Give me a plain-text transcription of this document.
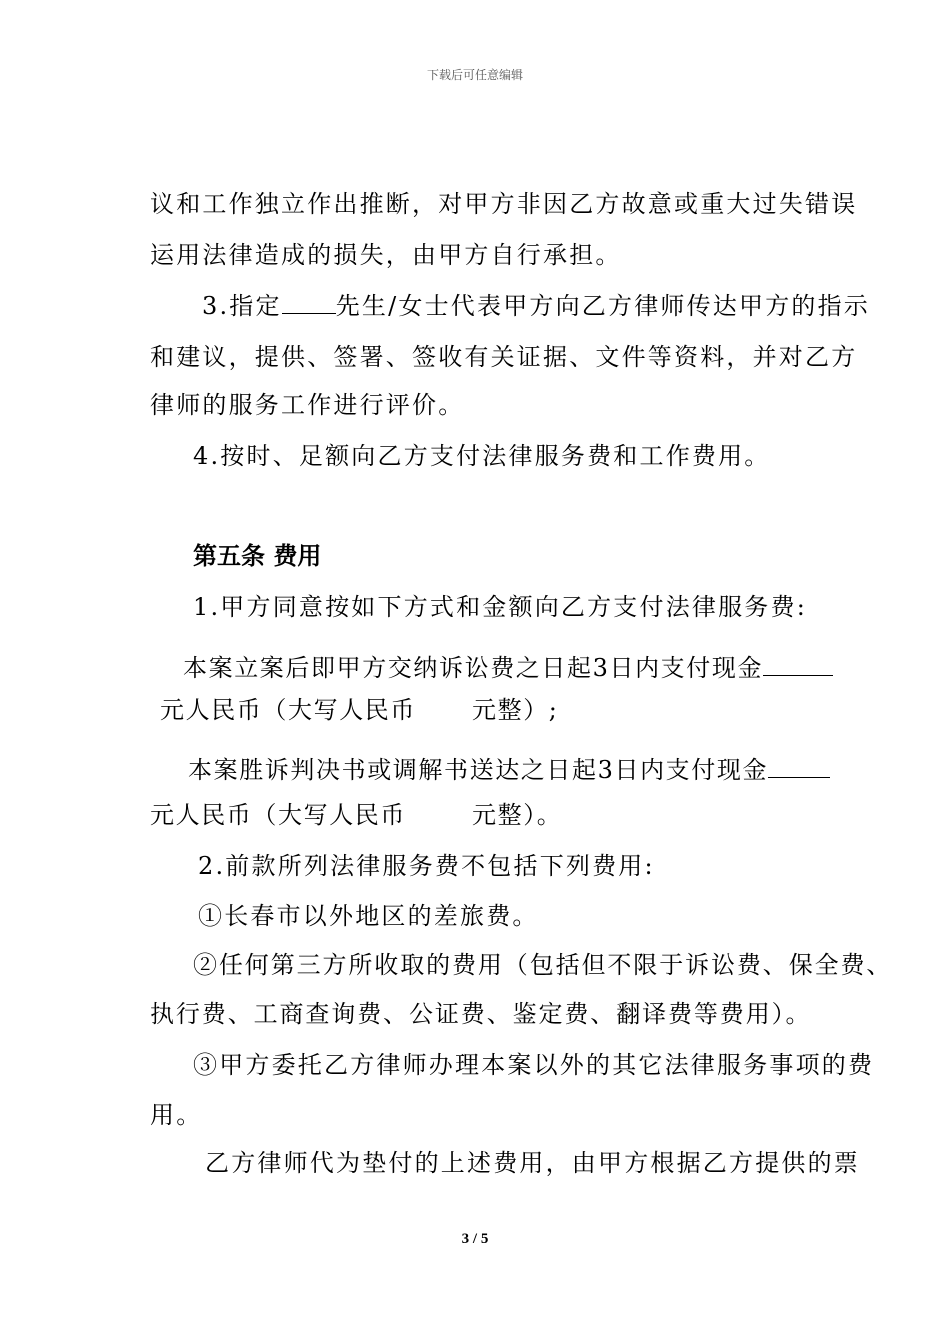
下载后可任意编辑
议和工作独立作出推断，对甲方非因乙方故意或重大过失错误
运用法律造成的损失，由甲方自行承担。
3.指定 先生/女士代表甲方向乙方律师传达甲方的指示
和建议，提供、签署、签收有关证据、文件等资料，并对乙方
律师的服务工作进行评价。
4.按时、足额向乙方支付法律服务费和工作费用。
第五条 费用
1.甲方同意按如下方式和金额向乙方支付法律服务费:
本案立案后即甲方交纳诉讼费之日起3日内支付现金
元人民币（大写人民币 元整）;
本案胜诉判决书或调解书送达之日起3日内支付现金
元人民币（大写人民币	元整）。
2.前款所列法律服务费不包括下列费用:
①长春市以外地区的差旅费。
②任何第三方所收取的费用（包括但不限于诉讼费、保全费、
执行费、工商查询费、公证费、鉴定费、翻译费等费用）。
③甲方委托乙方律师办理本案以外的其它法律服务事项的费
用。
乙方律师代为垫付的上述费用，由甲方根据乙方提供的票
3 / 5
